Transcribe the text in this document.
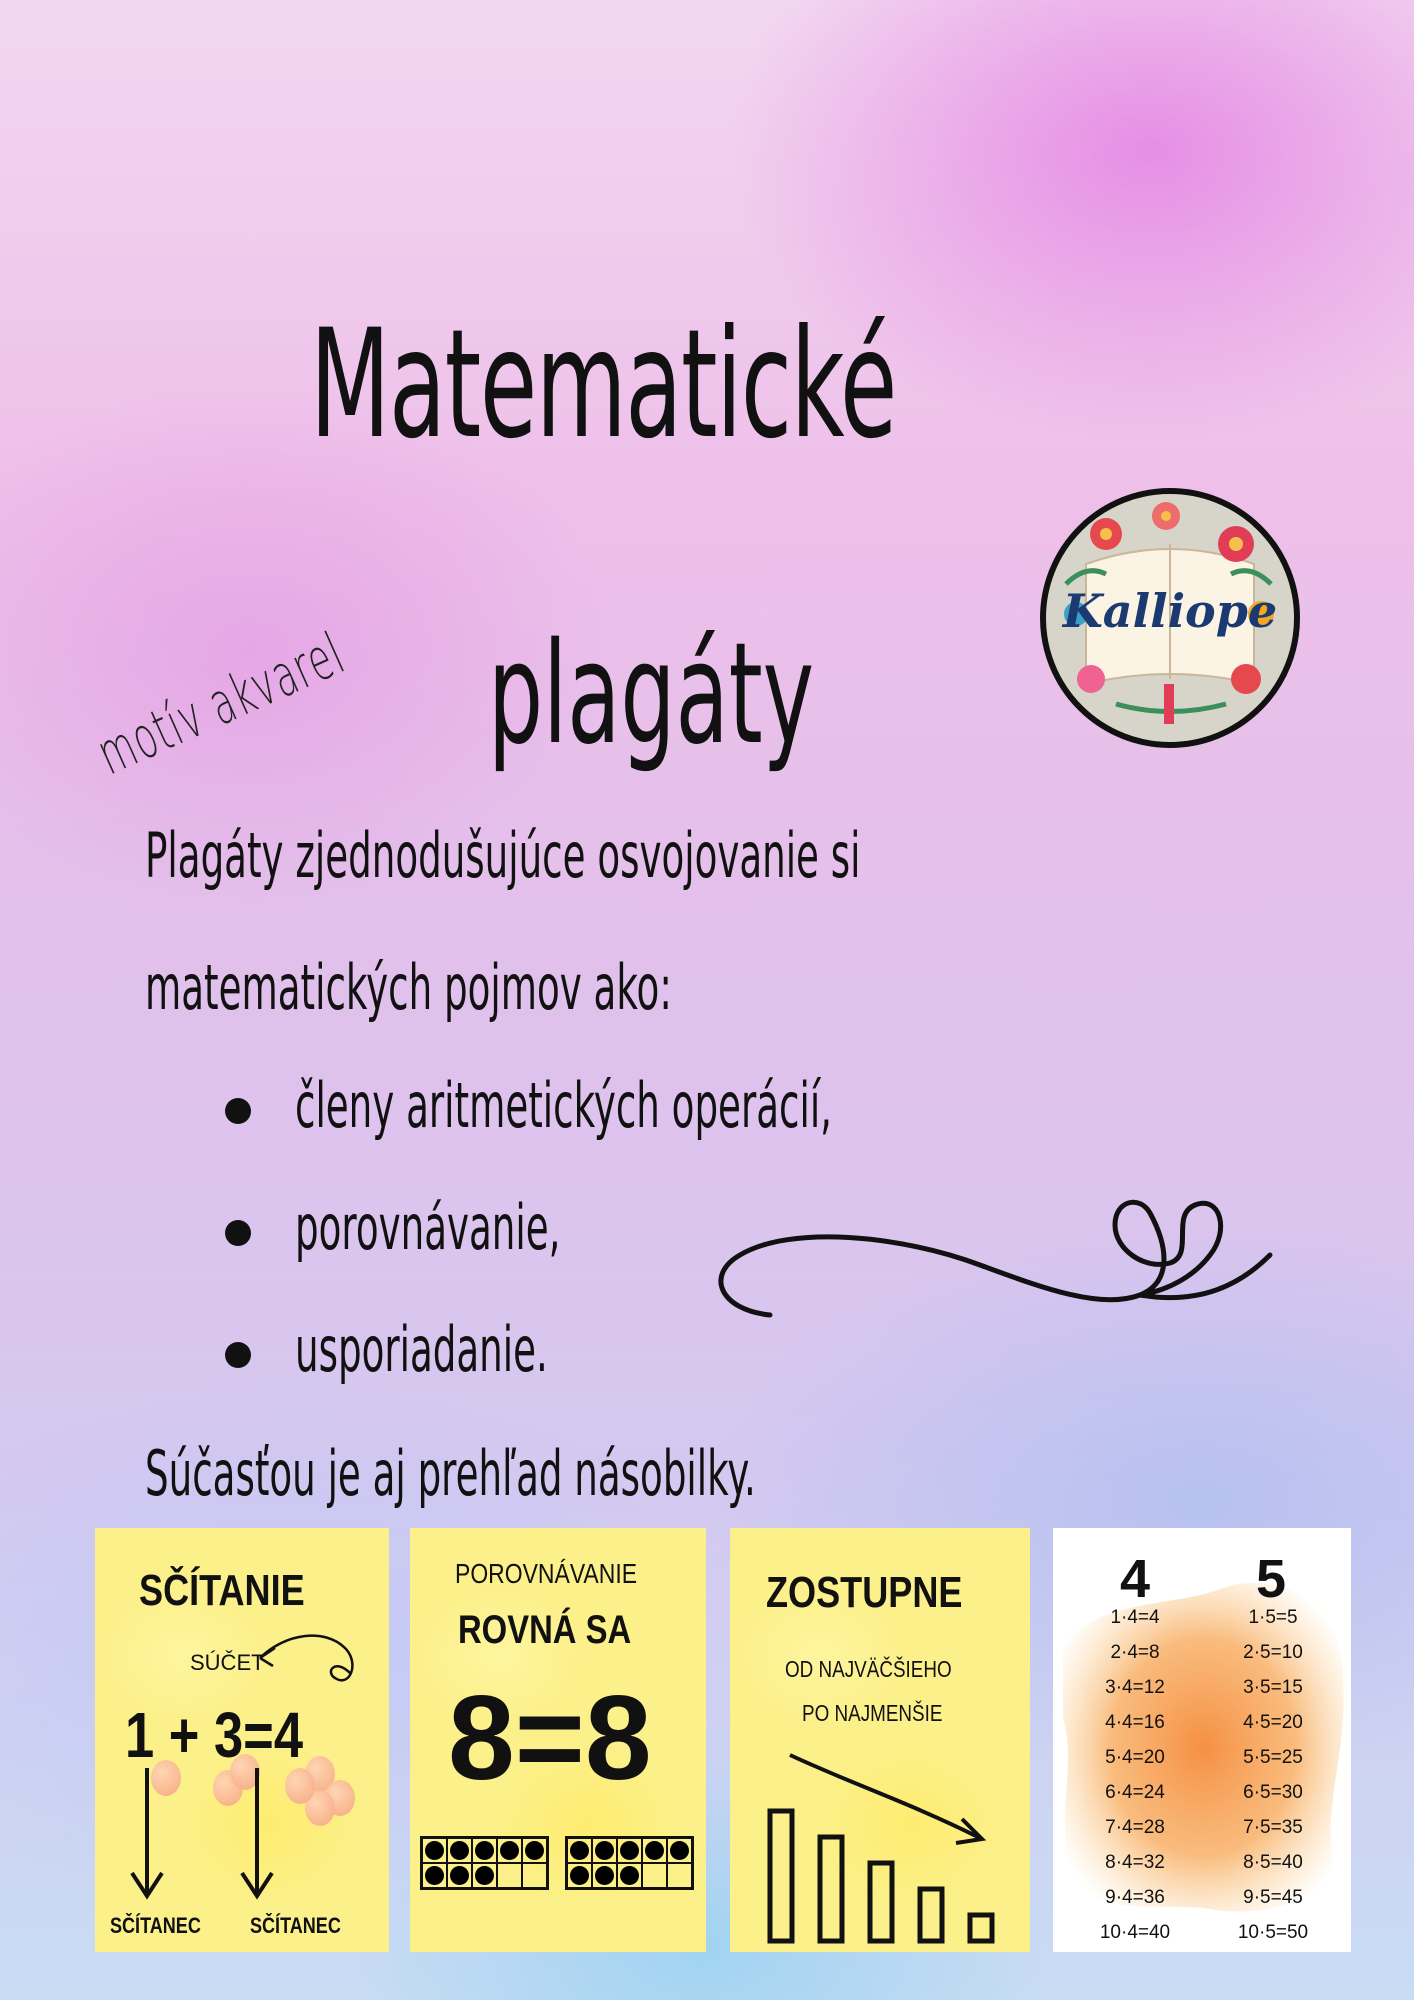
Matematické
plagáty
motív akvarel
Kalliope
Plagáty zjednodušujúce osvojovanie si
matematických pojmov ako:
členy aritmetických operácií,
porovnávanie,
usporiadanie.
Súčasťou je aj prehľad násobilky.
SČÍTANIE
SÚČET
1 + 3=4
SČÍTANEC	SČÍTANEC
POROVNÁVANIE
ROVNÁ SA
8=8
ZOSTUPNE
OD NAJVÄČŠIEHO
PO NAJMENŠIE
4 5
1·4=4
2·4=8
3·4=12
4·4=16
5·4=20
6·4=24
7·4=28
8·4=32
9·4=36
10·4=40
1·5=5
2·5=10
3·5=15
4·5=20
5·5=25
6·5=30
7·5=35
8·5=40
9·5=45
10·5=50
